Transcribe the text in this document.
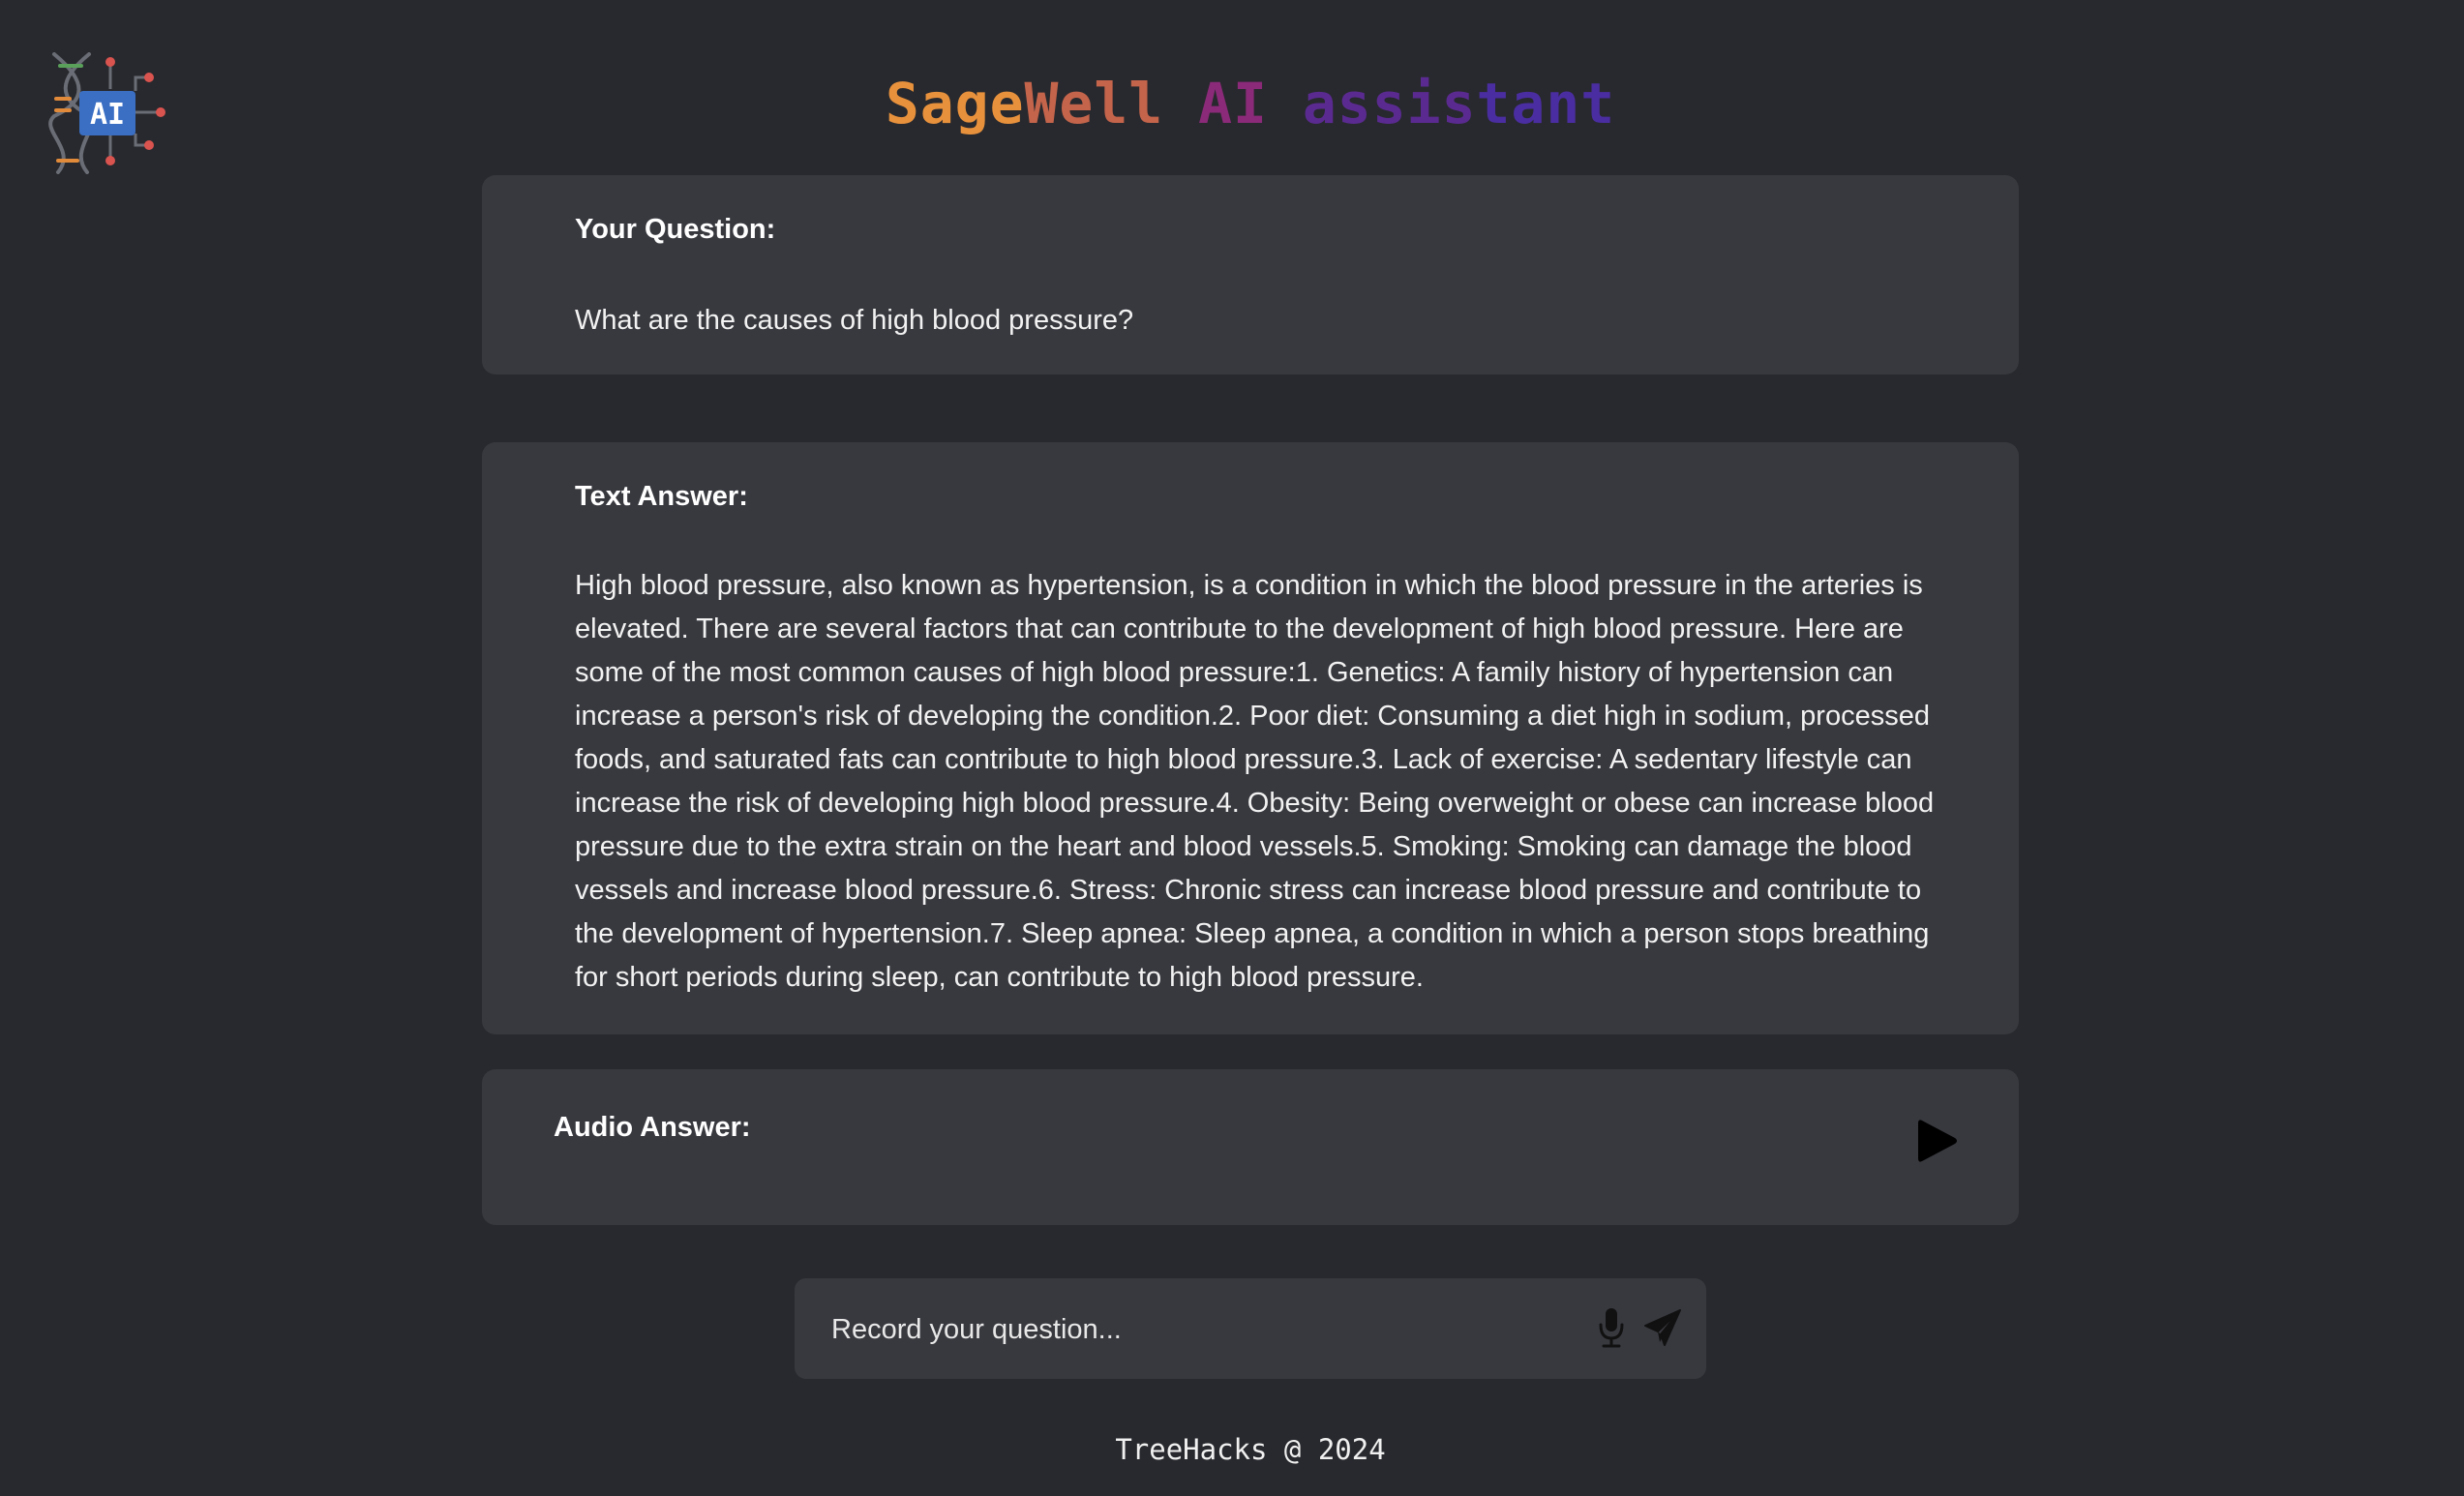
AI	SageWell AI assistant
Your Question:
What are the causes of high blood pressure?
Text Answer:
High blood pressure, also known as hypertension, is a condition in which the blood pressure in the arteries is elevated. There are several factors that can contribute to the development of high blood pressure. Here are some of the most common causes of high blood pressure:1. Genetics: A family history of hypertension can increase a person's risk of developing the condition.2. Poor diet: Consuming a diet high in sodium, processed foods, and saturated fats can contribute to high blood pressure.3. Lack of exercise: A sedentary lifestyle can increase the risk of developing high blood pressure.4. Obesity: Being overweight or obese can increase blood pressure due to the extra strain on the heart and blood vessels.5. Smoking: Smoking can damage the blood vessels and increase blood pressure.6. Stress: Chronic stress can increase blood pressure and contribute to the development of hypertension.7. Sleep apnea: Sleep apnea, a condition in which a person stops breathing for short periods during sleep, can contribute to high blood pressure.
Audio Answer:
Record your question...
TreeHacks @ 2024
